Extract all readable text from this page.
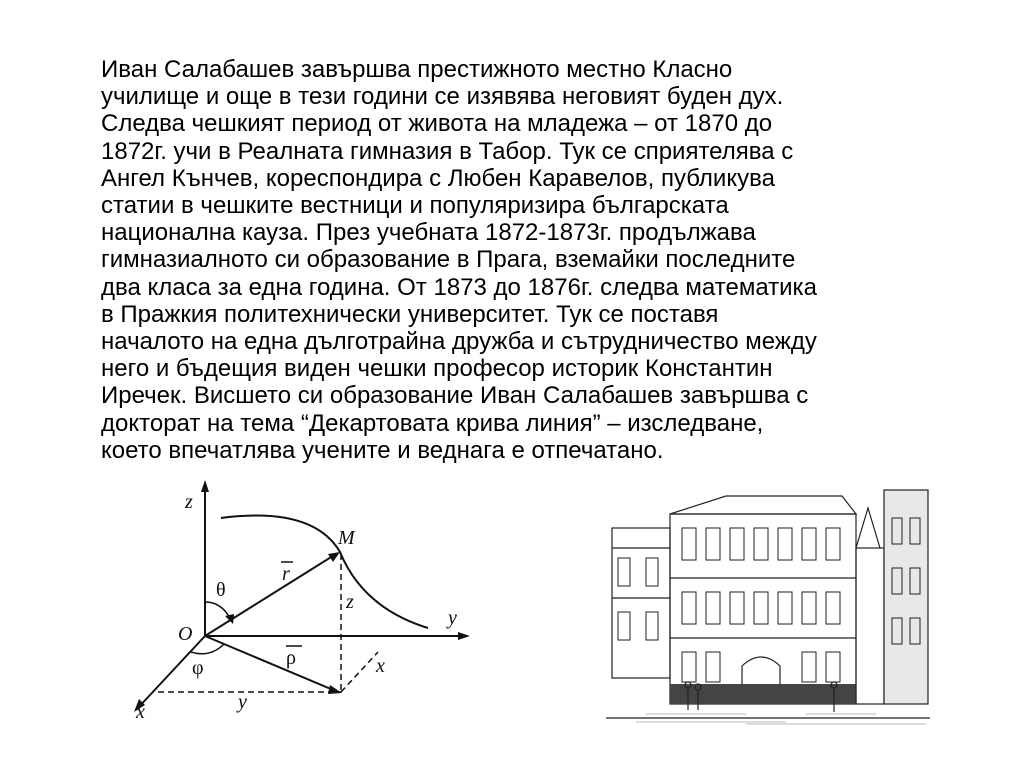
Иван Салабашев завършва престижното местно Класно
училище и още в тези години се изявява неговият буден дух.
Следва чешкият период от живота на младежа – от 1870 до
1872г. учи в Реалната гимназия в Табор. Тук се сприятелява с
Ангел Кънчев, кореспондира с Любен Каравелов, публикува
статии в чешките вестници и популяризира българската
национална кауза. През учебната 1872-1873г. продължава
гимназиалното си образование в Прага, вземайки последните
два класа за една година. От 1873 до 1876г. следва математика
в Пражкия политехнически университет. Тук се поставя
началото на една дълготрайна дружба и сътрудничество между
него и бъдещия виден чешки професор историк Константин
Иречек. Висшето си образование Иван Салабашев завършва с
докторат на тема “Декартовата крива линия” – изследване,
което впечатлява учените и веднага е отпечатано.

z
M
r
θ
z
y
O
ρ
φ	x
y
x
